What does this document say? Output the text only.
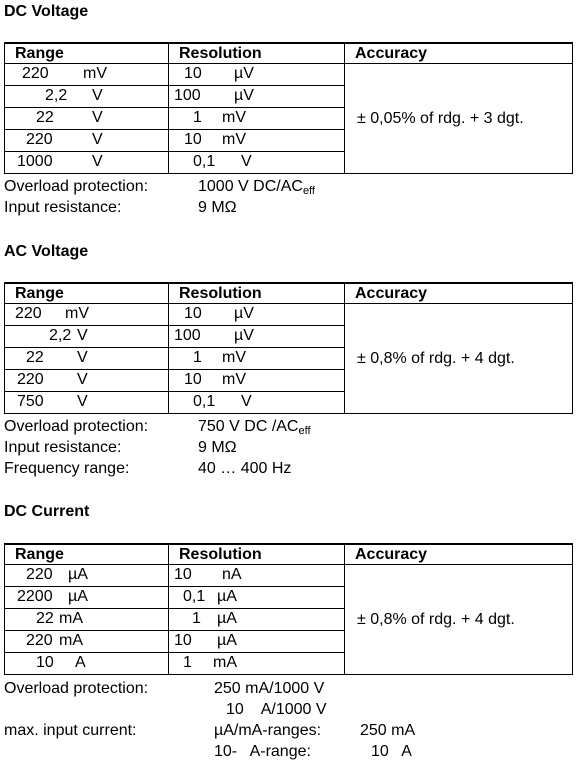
DC Voltage
Range	Resolution	Accuracy

220 mV	10 µV	± 0,05% of rdg. + 3 dgt.

2,2 V	100 µV	

22 V	1 mV	

220 V	10 mV	

1000 V	0,1 V	
Overload protection:	1000 V $DC/AC_{eff}$
Input resistance:	9 MΩ
AC Voltage
Range	Resolution	Accuracy

220 mV	10 µV	± 0,8% of rdg. + 4 dgt.

2,2 V	100 µV	

22 V	1 mV	

220 V	10 mV	

750 V	0,1 V	
Overload protection:	750 V DC $/AC_{eff}$
Input resistance:	9 MΩ
Frequency range:	40 … 400 Hz
DC Current
Range	Resolution	Accuracy

220 µA	10 nA	± 0,8% of rdg. + 4 dgt.

2200 µA	0,1 µA	

22 mA	1 µA	

220 mA	10 µA	

10 A	1 mA	
Overload protection:	250 mA/1000 V
10    A/1000 V
max. input current:	µA/mA-ranges: 250 mA
10-   A-range:	10   A
